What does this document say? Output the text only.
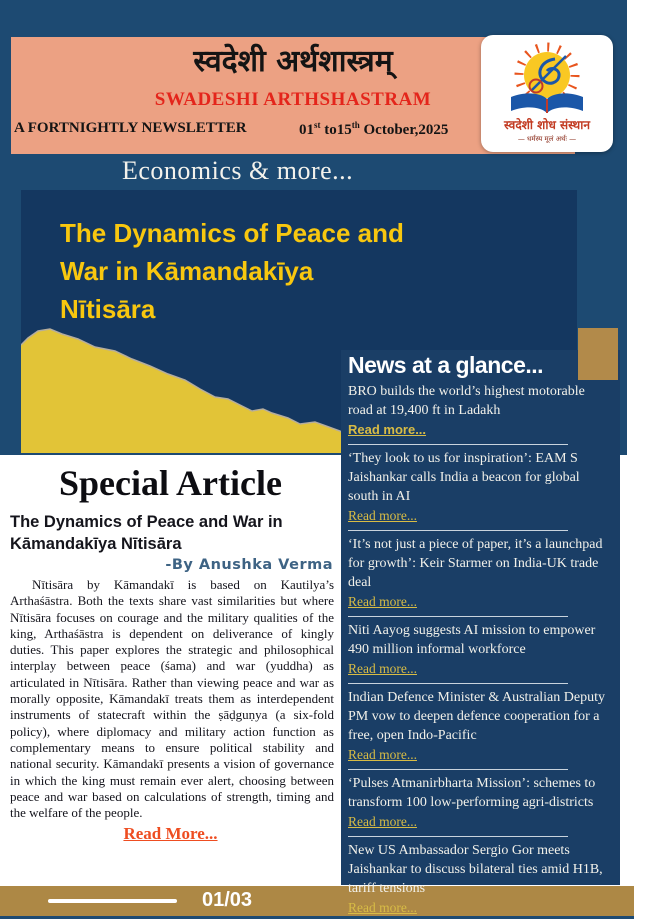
स्वदेशी अर्थशास्त्रम्
SWADESHI ARTHSHASTRAM
A FORTNIGHTLY NEWSLETTER	01st to15th October,2025	स्वदेशी शोध संस्थान
— धर्मस्य मूलं अर्थः —
Economics & more...
The Dynamics of Peace and
War in Kāmandakīya
Nītisāra
News at a glance...

BRO builds the world’s highest motorable road at 19,400 ft in Ladakh

Read more...

‘They look to us for inspiration’: EAM S Jaishankar calls India a beacon for global south in AI

Read more...

‘It’s not just a piece of paper, it’s a launchpad for growth’: Keir Starmer on India-UK trade deal

Read more...

Niti Aayog suggests AI mission to empower 490 million informal workforce

Read more...

Indian Defence Minister & Australian Deputy PM vow to deepen defence cooperation for a free, open Indo-Pacific

Read more...

‘Pulses Atmanirbharta Mission’: schemes to transform 100 low-performing agri-districts

Read more...

New US Ambassador Sergio Gor meets Jaishankar to discuss bilateral ties amid H1B, tariff tensions

Read more...
Special Article
The Dynamics of Peace and War in Kāmandakīya Nītisāra
-By Anushka Verma

Nītisāra by Kāmandakī is based on Kautilya’s Arthaśāstra. Both the texts share vast similarities but where Nītisāra focuses on courage and the military qualities of the king, Arthaśāstra is dependent on deliverance of kingly duties. This paper explores the strategic and philosophical interplay between peace (śama) and war (yuddha) as articulated in Nītisāra. Rather than viewing peace and war as morally opposite, Kāmandakī treats them as interdependent instruments of statecraft within the ṣāḍguṇya (a six-fold policy), where diplomacy and military action function as complementary means to ensure political stability and national security. Kāmandakī presents a vision of governance in which the king must remain ever alert, choosing between peace and war based on calculations of strength, timing and the welfare of the people.

Read More...
01/03
